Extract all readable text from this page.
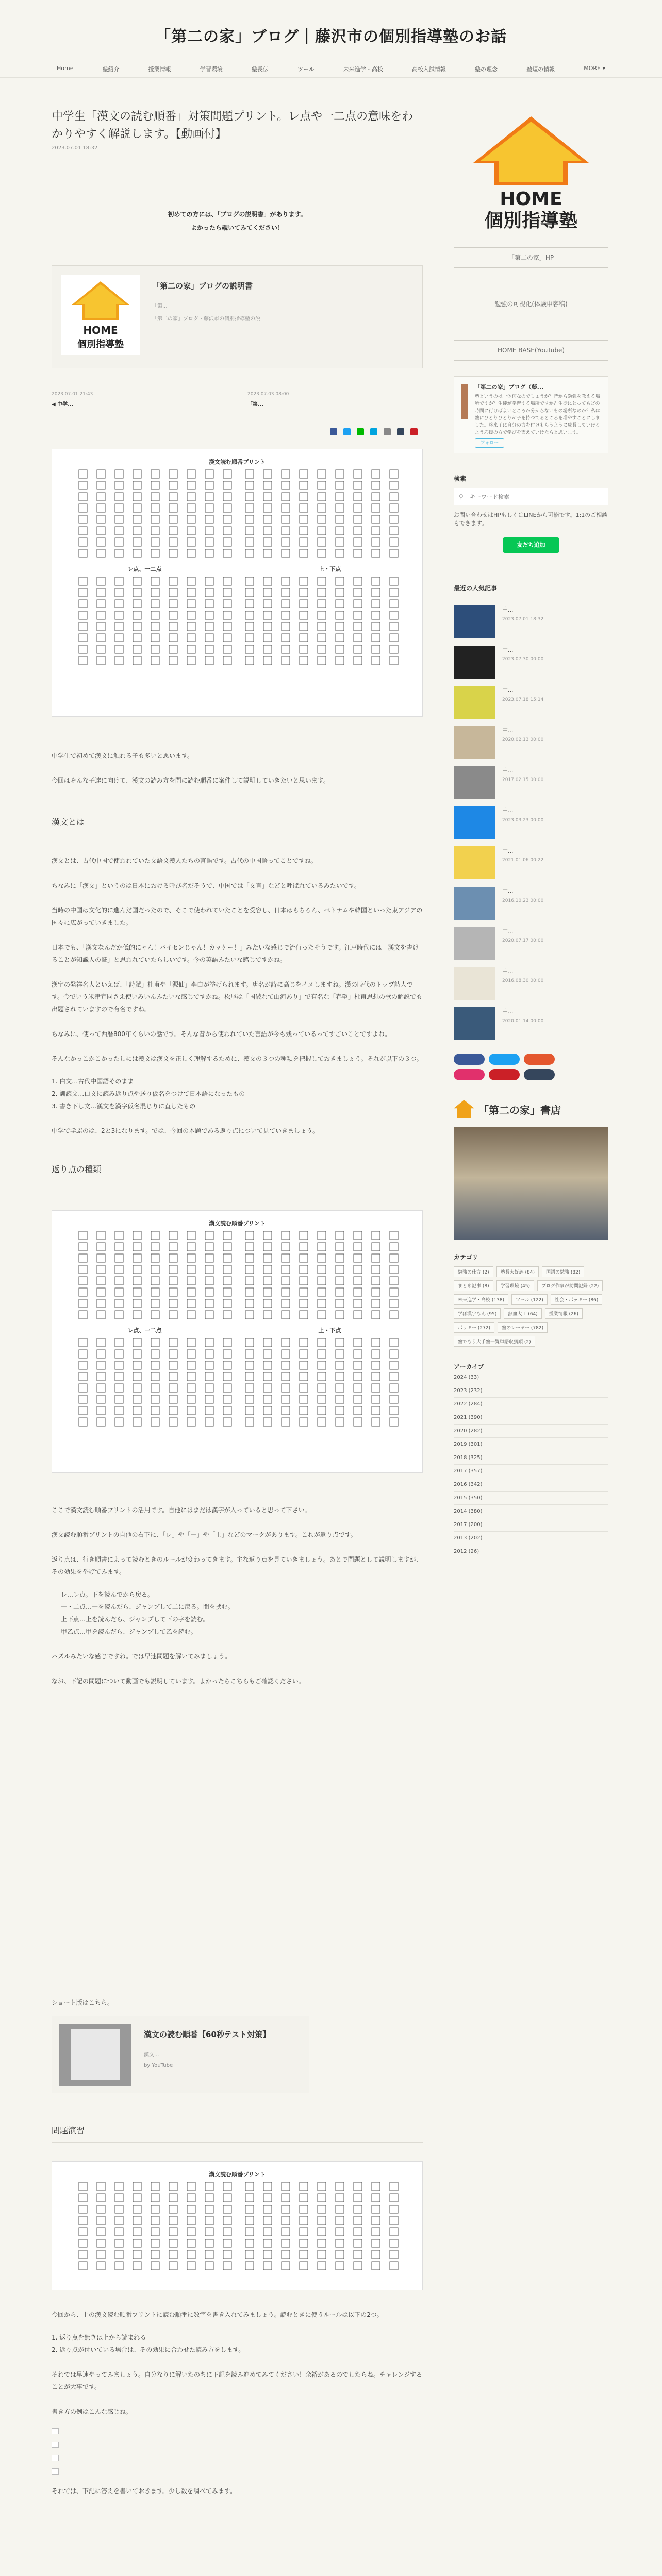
「第二の家」ブログ｜藤沢市の個別指導塾のお話
Home	塾紹介	授業情報	学習環境	塾長伝	ツール	未来進学・高校	高校入試情報	塾の理念	塾短の情報	MORE ▾
中学生「漢文の読む順番」対策問題プリント。レ点や一二点の意味をわかりやすく解説します。【動画付】
2023.07.01 18:32
初めての方には、「ブログの説明書」があります。
よかったら覗いてみてください！
HOME
個別指導塾
「第二の家」ブログの説明書
「第...
「第二の家」ブログ・藤沢市の個別指導塾の説
2023.07.01 21:43
◀ 中学...
2023.07.03 08:00
「第...
漢文読む順番プリント
レ点、一二点	上・下点
中学生で初めて漢文に触れる子も多いと思います。
今回はそんな子達に向けて、漢文の読み方を問に読む順番に案件して説明していきたいと思います。
漢文とは
漢文とは、古代中国で使われていた文語文漢人たちの言語です。古代の中国語ってことですね。
ちなみに「漢文」というのは日本における呼び名だそうで、中国では「文言」などと呼ばれているみたいです。
当時の中国は文化的に進んだ国だったので、そこで使われていたことを受容し、日本はもちろん、ベトナムや韓国といった東アジアの国々に広がっていきました。
日本でも、「漢文なんだか低的にゃん！バイセンじゃん！カッケー！」みたいな感じで流行ったそうです。江戸時代には「漢文を書けることが知識人の証」と思われていたらしいです。今の英語みたいな感じですかね。
漢字の発祥名人といえば、「詩賦」杜甫や「源仙」李白が挙げられます。唐名が詩に高じをイメしますね。漢の時代のトップ詩人です。今でいう米津宣同さえ使いみいんみたいな感じですかね。松尾は「国破れて山河あり」で有名な「春望」杜甫思想の歌の解説でも出題されていますので有名ですね。
ちなみに、使って西暦800年くらいの話です。そんな昔から使われていた言語が今も残っているってすごいことですよね。
そんなかっこかこかったしには漢文は漢文を正しく理解するために、漢文の３つの種類を把握しておきましょう。それが以下の３つ。
1. 白文…古代中国語そのまま
2. 訓読文…白文に読み返り点や送り仮名をつけて日本語になったもの
3. 書き下し文…漢文を漢字仮名混じりに直したもの
中学で学ぶのは、2と3になります。では、今回の本題である返り点について見ていきましょう。
返り点の種類
漢文読む順番プリント
レ点、一二点	上・下点
ここで漢文読む順番プリントの活用です。自他にはまだは漢字が入っていると思って下さい。
漢文読む順番プリントの自他の右下に、「レ」や「一」や「上」などのマークがあります。これが返り点です。
返り点は、行き順書によって読むときのルールが変わってきます。主な返り点を見ていきましょう。あとで問題として説明しますが、その効果を挙げてみます。
レ…レ点。下を読んでから戻る。
一・二点…一を読んだら、ジャンプして二に戻る。間を挟む。
上下点…上を読んだら、ジャンプして下の字を読む。
甲乙点…甲を読んだら、ジャンプして乙を読む。
パズルみたいな感じですね。では早速問題を解いてみましょう。
なお、下記の問題について動画でも説明しています。よかったらこちらもご確認ください。
ショート版はこちら。
漢文の読む順番【60秒テスト対策】
漢文...
by YouTube
問題演習
漢文読む順番プリント
今回から、上の漢文読む順番プリントに読む順番に数字を書き入れてみましょう。読むときに使うルールは以下の2つ。
1. 返り点を無きは上から読まれる
2. 返り点が付いている場合は、その効果に合わせた読み方をします。
それでは早速やってみましょう。自分なりに解いたのちに下記を読み進めてみてください！余裕があるのでしたらね。チャレンジすることが大事です。
書き方の例はこんな感じね。
それでは、下記に答えを書いておきます。少し数を調べてみます。
HOME
個別指導塾
「第二の家」HP
勉強の可視化(体験申客稿)
HOME BASE(YouTube)
「第二の家」ブログ（藤...
塾というのは一体何なのでしょうか？昔から勉強を教える場所ですか？生徒が学習する場所ですか？生徒にとってもどの時間に行けばよいところか分からないもの場所なのか？私は塾にひとりひとりが子を持つてるところを増やすことにしました。将来子に自分の力を付けもらうように成長していけるよう応援の方で学びを支えていけたらと思います。
フォロー
検索
⚲
キーワード検索
お問い合わせはHPもしくはLINEから可能です。1:1のご相談もできます。
友だち追加
最近の人気記事
中...
2023.07.01 18:32
中...
2023.07.30 00:00
中...
2023.07.18 15:14
中...
2020.02.13 00:00
中...
2017.02.15 00:00
中...
2023.03.23 00:00
中...
2021.01.06 00:22
中...
2016.10.23 00:00
中...
2020.07.17 00:00
中...
2016.08.30 00:00
中...
2020.01.14 00:00
「第二の家」書店
カテゴリ
勉強の仕方 (2)	塾長大好評 (84)	国語の勉強 (82)
まとめ記事 (8)	学習環境 (45)	ブログ作家が訪問記録 (22)
未来進学・高校 (138)	ツール (122)	社会・ポッキー (86)
学ぼ漢字もん (95)	熱血大工 (64)	授業情報 (26)
ポッキー (272)	塾のレーヤー (782)
塾でもう大手塾一覧単語収獲順 (2)
アーカイブ
2024 (33)
2023 (232)
2022 (284)
2021 (390)
2020 (282)
2019 (301)
2018 (325)
2017 (357)
2016 (342)
2015 (350)
2014 (380)
2017 (200)
2013 (202)
2012 (26)
